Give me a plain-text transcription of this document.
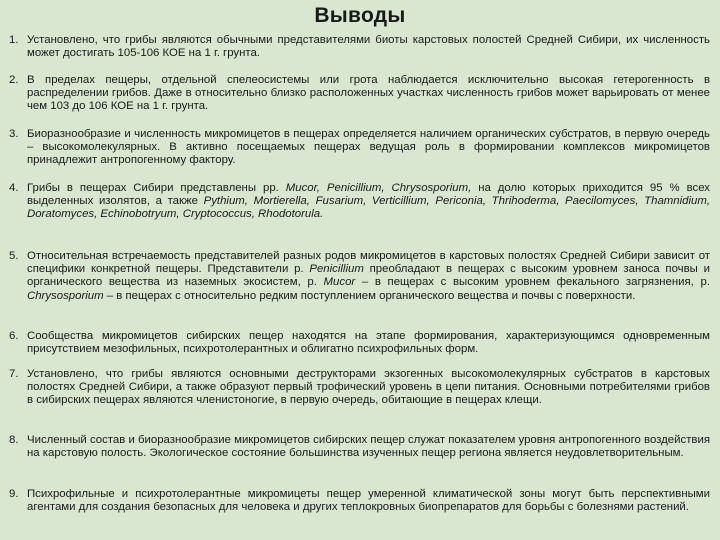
Выводы
1. Установлено, что грибы являются обычными представителями биоты карстовых полостей Средней Сибири, их численность может достигать 105-106 КОЕ на 1 г. грунта.
2. В пределах пещеры, отдельной спелеосистемы или грота наблюдается исключительно высокая гетерогенность в распределении грибов. Даже в относительно близко расположенных участках численность грибов может варьировать от менее чем 103 до 106 КОЕ на 1 г. грунта.
3. Биоразнообразие и численность микромицетов в пещерах определяется наличием органических субстратов, в первую очередь – высокомолекулярных. В активно посещаемых пещерах ведущая роль в формировании комплексов микромицетов принадлежит антропогенному фактору.
4. Грибы в пещерах Сибири представлены pp. Mucor, Penicillium, Chrysosporium, на долю которых приходится 95 % всех выделенных изолятов, а также Pythium, Mortierella, Fusarium, Verticillium, Periconia, Thrihoderma, Paecilomyces, Thamnidium, Doratomyces, Echinobotryum, Cryptococcus, Rhodotorula.
5. Относительная встречаемость представителей разных родов микромицетов в карстовых полостях Средней Сибири зависит от специфики конкретной пещеры. Представители р. Penicillium преобладают в пещерах с высоким уровнем заноса почвы и органического вещества из наземных экосистем, р. Mucor – в пещерах с высоким уровнем фекального загрязнения, р. Chrysosporium – в пещерах с относительно редким поступлением органического вещества и почвы с поверхности.
6. Сообщества микромицетов сибирских пещер находятся на этапе формирования, характеризующимся одновременным присутствием мезофильных, психротолерантных и облигатно психрофильных форм.
7. Установлено, что грибы являются основными деструкторами экзогенных высокомолекулярных субстратов в карстовых полостях Средней Сибири, а также образуют первый трофический уровень в цепи питания. Основными потребителями грибов в сибирских пещерах являются членистоногие, в первую очередь, обитающие в пещерах клещи.
8. Численный состав и биоразнообразие микромицетов сибирских пещер служат показателем уровня антропогенного воздействия на карстовую полость. Экологическое состояние большинства изученных пещер региона является неудовлетворительным.
9. Психрофильные и психротолерантные микромицеты пещер умеренной климатической зоны могут быть перспективными агентами для создания безопасных для человека и других теплокровных биопрепаратов для борьбы с болезнями растений.
